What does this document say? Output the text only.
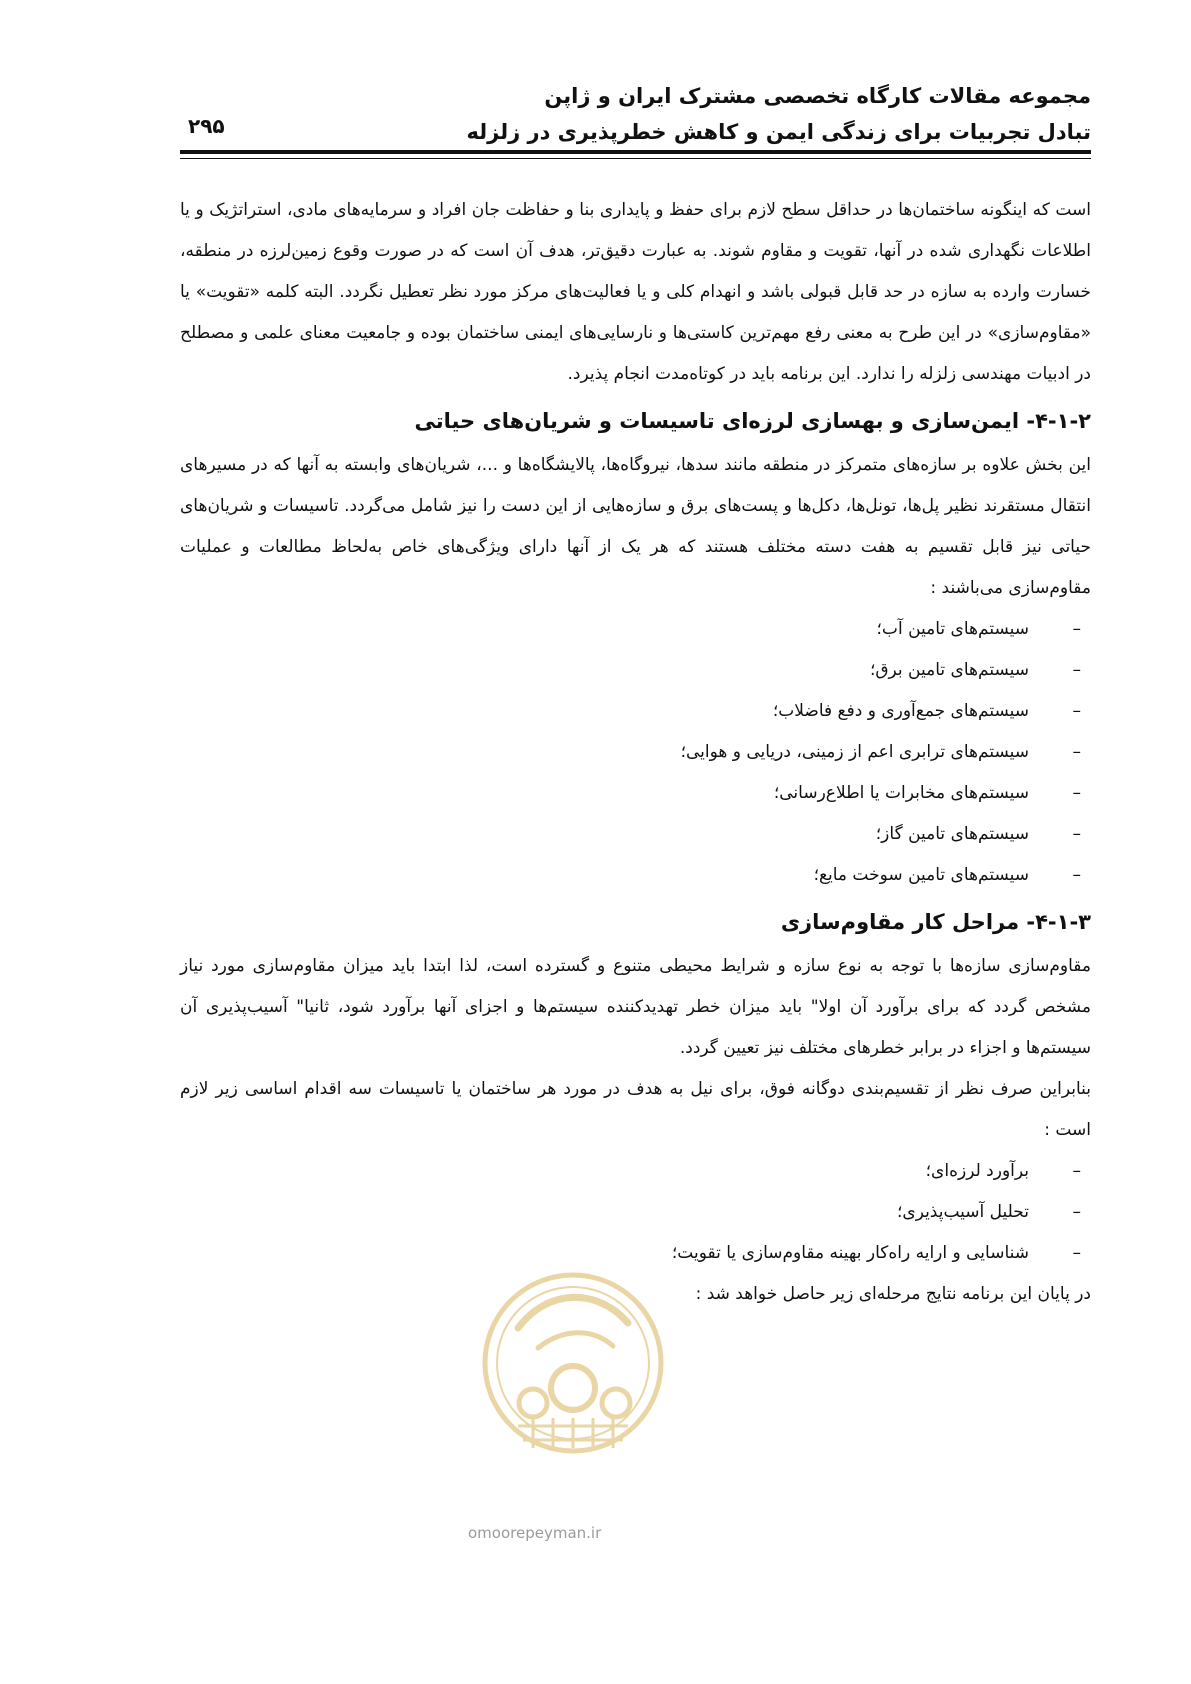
مجموعه مقالات کارگاه تخصصی مشترک ایران و ژاپن
تبادل تجربیات برای زندگی ایمن و کاهش خطرپذیری در زلزله
۲۹۵

است که اینگونه ساختمان‌ها در حداقل سطح لازم برای حفظ و پایداری بنا و حفاظت جان افراد و سرمایه‌های مادی، استراتژیک و یا اطلاعات نگهداری شده در آنها، تقویت و مقاوم شوند. به عبارت دقیق‌تر، هدف آن است که در صورت وقوع زمین‌لرزه در منطقه، خسارت وارده به سازه در حد قابل قبولی باشد و انهدام کلی و یا فعالیت‌های مرکز مورد نظر تعطیل نگردد. البته کلمه «تقویت» یا «مقاوم‌سازی» در این طرح به معنی رفع مهم‌ترین کاستی‌ها و نارسایی‌های ایمنی ساختمان بوده و جامعیت معنای علمی و مصطلح در ادبیات مهندسی زلزله را ندارد. این برنامه باید در کوتاه‌مدت انجام پذیرد.

۴-۱-۲- ایمن‌سازی و بهسازی لرزه‌ای تاسیسات و شریان‌های حیاتی

این بخش علاوه بر سازه‌های متمرکز در منطقه مانند سدها، نیروگاه‌ها، پالایشگاه‌ها و ...، شریان‌های وابسته به آنها که در مسیرهای انتقال مستقرند نظیر پل‌ها، تونل‌ها، دکل‌ها و پست‌های برق و سازه‌هایی از این دست را نیز شامل می‌گردد. تاسیسات و شریان‌های حیاتی نیز قابل تقسیم به هفت دسته مختلف هستند که هر یک از آنها دارای ویژگی‌های خاص به‌لحاظ مطالعات و عملیات مقاوم‌سازی می‌باشند :

–
سیستم‌های تامین آب؛
–
سیستم‌های تامین برق؛
–
سیستم‌های جمع‌آوری و دفع فاضلاب؛
–
سیستم‌های ترابری اعم از زمینی، دریایی و هوایی؛
–
سیستم‌های مخابرات یا اطلاع‌رسانی؛
–
سیستم‌های تامین گاز؛
–
سیستم‌های تامین سوخت مایع؛
۴-۱-۳- مراحل کار مقاوم‌سازی

مقاوم‌سازی سازه‌ها با توجه به نوع سازه و شرایط محیطی متنوع و گسترده است، لذا ابتدا باید میزان مقاوم‌سازی مورد نیاز مشخص گردد که برای برآورد آن اولا" باید میزان خطر تهدیدکننده سیستم‌ها و اجزای آنها برآورد شود، ثانیا" آسیب‌پذیری آن سیستم‌ها و اجزاء در برابر خطرهای مختلف نیز تعیین گردد.

بنابراین صرف نظر از تقسیم‌بندی دوگانه فوق، برای نیل به هدف در مورد هر ساختمان یا تاسیسات سه اقدام اساسی زیر لازم است :

–
برآورد لرزه‌ای؛
–
تحلیل آسیب‌پذیری؛
–
شناسایی و ارایه راه‌کار بهینه مقاوم‌سازی یا تقویت؛

در پایان این برنامه نتایج مرحله‌ای زیر حاصل خواهد شد :

omoorepeyman.ir
